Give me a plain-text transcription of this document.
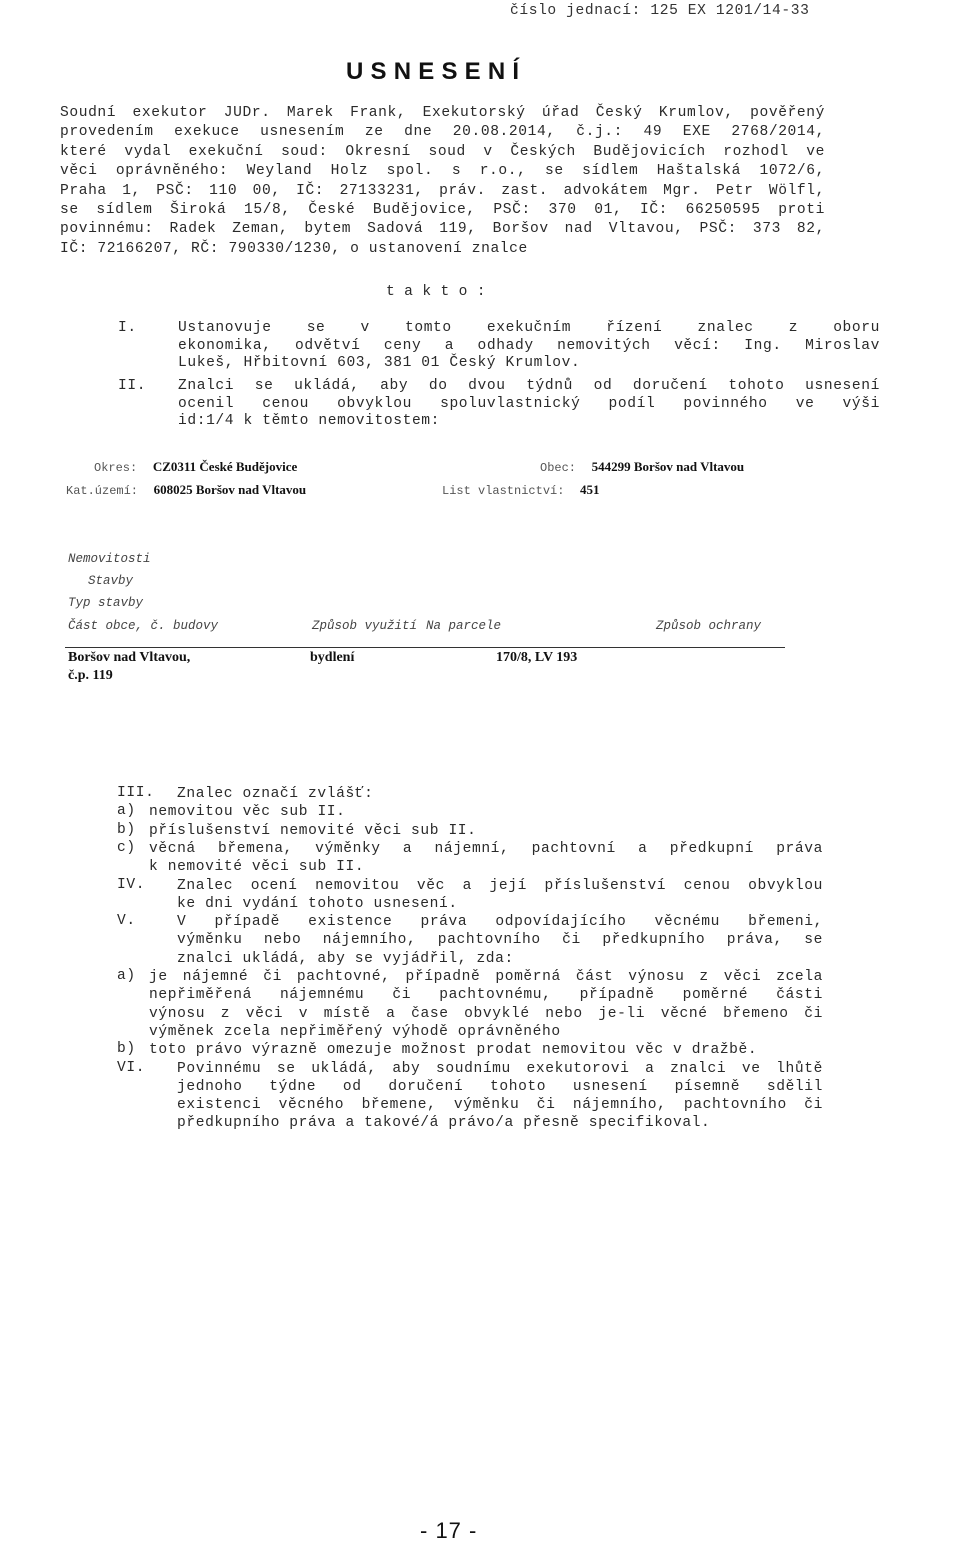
číslo jednací: 125 EX 1201/14-33
USNESENÍ
Soudní exekutor JUDr. Marek Frank, Exekutorský úřad Český Krumlov, pověřený
provedením exekuce usnesením ze dne 20.08.2014, č.j.: 49 EXE 2768/2014,
které vydal exekuční soud: Okresní soud v Českých Budějovicích rozhodl ve
věci oprávněného: Weyland Holz spol. s r.o., se sídlem Haštalská 1072/6,
Praha 1, PSČ: 110 00, IČ: 27133231, práv. zast. advokátem Mgr. Petr Wölfl,
se sídlem Široká 15/8, České Budějovice, PSČ: 370 01, IČ: 66250595 proti
povinnému: Radek Zeman, bytem Sadová 119, Boršov nad Vltavou, PSČ: 373 82,
IČ: 72166207, RČ: 790330/1230, o ustanovení znalce
takto:
I.	Ustanovuje se v tomto exekučním řízení znalec z oboru
ekonomika, odvětví ceny a odhady nemovitých věcí: Ing. Miroslav
Lukeš, Hřbitovní 603, 381 01 Český Krumlov.
II. Znalci se ukládá, aby do dvou týdnů od doručení tohoto usnesení
ocenil cenou obvyklou spoluvlastnický podíl povinného ve výši
id:1/4 k těmto nemovitostem:
Okres: CZ0311 České Budějovice	Obec: 544299 Boršov nad Vltavou
Kat.území: 608025 Boršov nad Vltavou	List vlastnictví: 451
Nemovitosti
Stavby
Typ stavby
Část obce, č. budovy	Způsob využití Na parcele	Způsob ochrany
Boršov nad Vltavou,
č.p. 119
bydlení	170/8, LV 193
III. Znalec označí zvlášť:
a) nemovitou věc sub II.
b) příslušenství nemovité věci sub II.
c) věcná břemena, výměnky a nájemní, pachtovní a předkupní práva
k nemovité věci sub II.
IV. Znalec ocení nemovitou věc a její příslušenství cenou obvyklou
ke dni vydání tohoto usnesení.
V.	V případě existence práva odpovídajícího věcnému břemeni,
výměnku nebo nájemního, pachtovního či předkupního práva, se
znalci ukládá, aby se vyjádřil, zda:
a) je nájemné či pachtovné, případně poměrná část výnosu z věci zcela
nepřiměřená nájemnému či pachtovnému, případně poměrné části
výnosu z věci v místě a čase obvyklé nebo je-li věcné břemeno či
výměnek zcela nepřiměřený výhodě oprávněného
b) toto právo výrazně omezuje možnost prodat nemovitou věc v dražbě.
VI. Povinnému se ukládá, aby soudnímu exekutorovi a znalci ve lhůtě
jednoho týdne od doručení tohoto usnesení písemně sdělil
existenci věcného břemene, výměnku či nájemního, pachtovního či
předkupního práva a takové/á právo/a přesně specifikoval.
- 17 -
